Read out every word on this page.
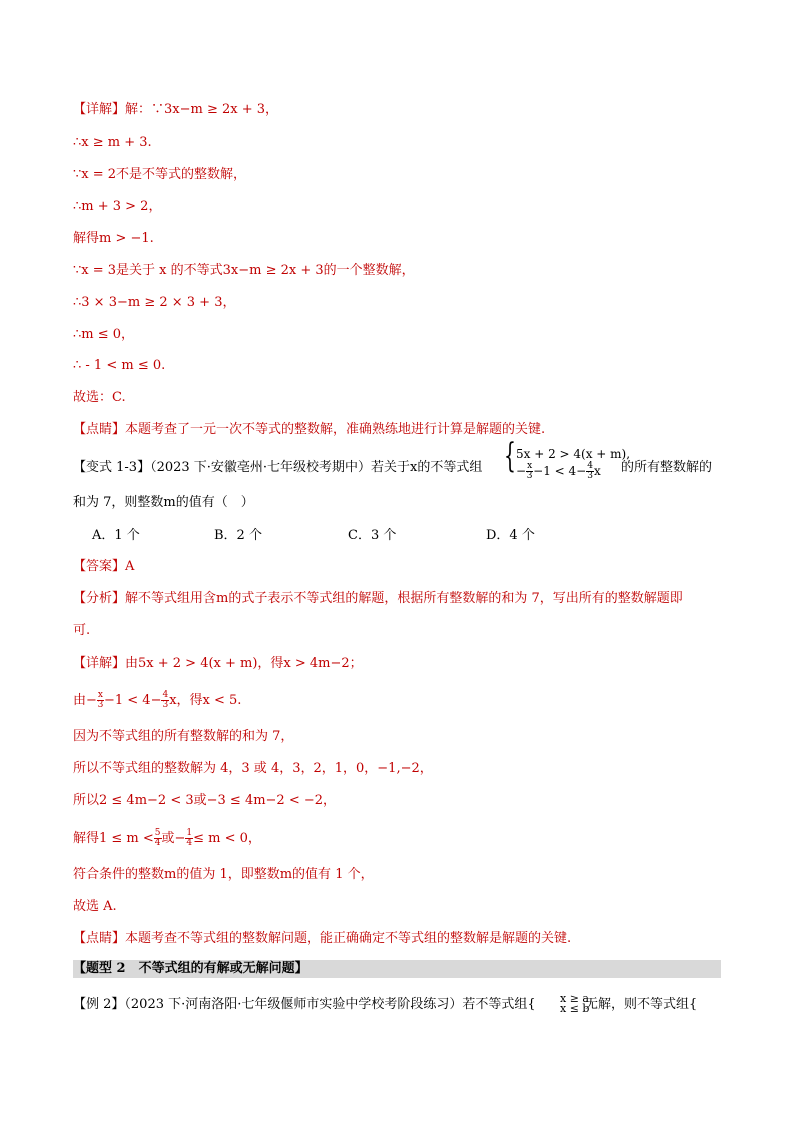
【详解】解：∵3x−m ≥ 2x + 3，
∴x ≥ m + 3.
∵x = 2不是不等式的整数解，
∴m + 3 > 2，
解得m > −1.
∵x = 3是关于 x 的不等式3x−m ≥ 2x + 3的一个整数解，
∴3 × 3−m ≥ 2 × 3 + 3，
∴m ≤ 0，
∴ - 1 < m ≤ 0.
故选：C.
【点睛】本题考查了一元一次不等式的整数解，准确熟练地进行计算是解题的关键.
【变式 1-3】（2023 下·安徽亳州·七年级校考期中）若关于x的不等式组 { 5x + 2 > 4(x + m),
− $\frac{x}{3} -1 < 4- \frac{4}{3}$ x 的所有整数解的
和为 7，则整数m的值有（　）
A．1 个	B．2 个	C．3 个	D．4 个
【答案】A
【分析】解不等式组用含m的式子表示不等式组的解题，根据所有整数解的和为 7，写出所有的整数解题即
可.
【详解】由5x + 2 > 4(x + m)，得x > 4m−2；
由− $\frac{x}{3} -1 < 4- \frac{4}{3}$ x，得x < 5.
因为不等式组的所有整数解的和为 7，
所以不等式组的整数解为 4，3 或 4，3，2，1，0，−1,−2，
所以2 ≤ 4m−2 < 3或−3 ≤ 4m−2 < −2，
解得$1 \le m < \frac{5}{4}$ 或− $\frac{1}{4} \le m < 0$，
符合条件的整数m的值为 1，即整数m的值有 1 个，
故选 A.
【点睛】本题考查不等式组的整数解问题，能正确确定不等式组的整数解是解题的关键.
【题型 2　不等式组的有解或无解问题】
【例 2】（2023 下·河南洛阳·七年级偃师市实验中学校考阶段练习）若不等式组{ x ≥ a
x ≤ b
无解，则不等式组{
